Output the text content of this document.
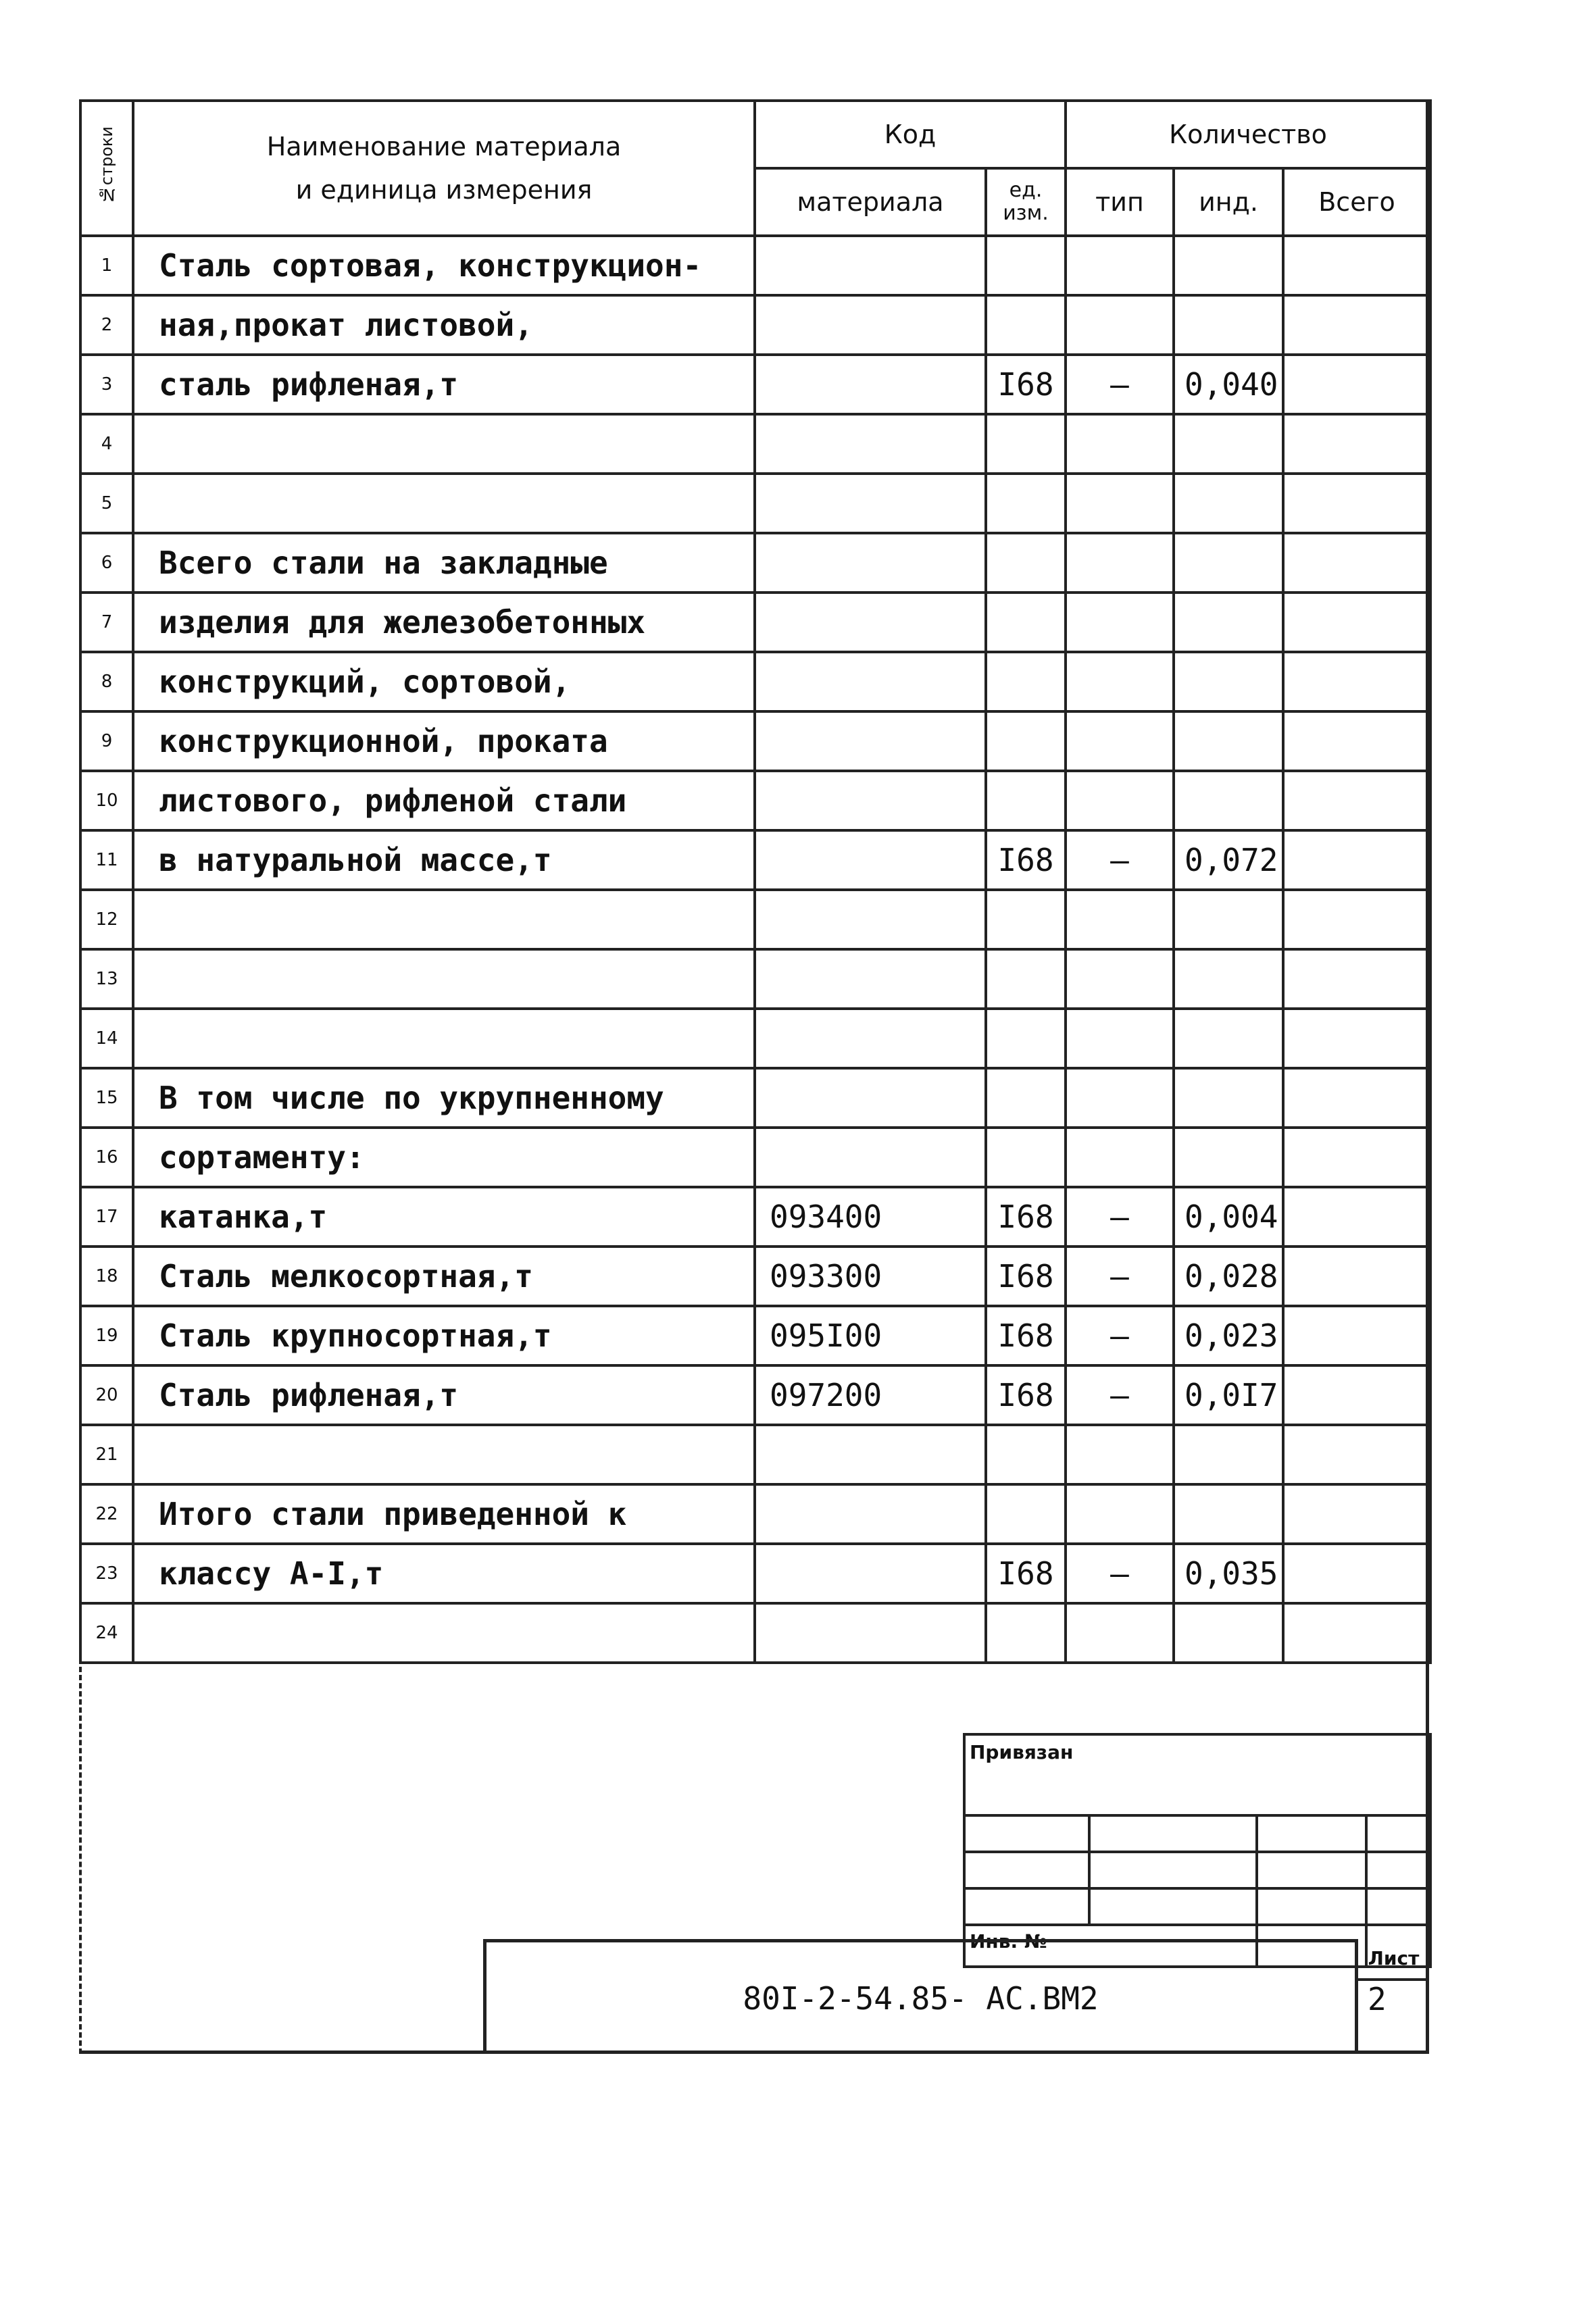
№строки	Наименование материала
и единица измерения	Код		Количество		
		материала	ед. изм.	тип	инд.	Всего
1	Сталь сортовая, конструкцион-					
2	ная,прокат листовой,					
3	сталь рифленая,т		I68	–	0,040	
4						
5						
6	Всего стали на закладные					
7	изделия для железобетонных					
8	конструкций, сортовой,					
9	конструкционной, проката					
10	листового, рифленой стали					
11	в натуральной массе,т		I68	–	0,072	
12						
13						
14						
15	В том числе по укрупненному					
16	сортаменту:					
17	катанка,т	093400	I68	–	0,004	
18	Сталь мелкосортная,т	093300	I68	–	0,028	
19	Сталь крупносортная,т	095I00	I68	–	0,023	
20	Сталь рифленая,т	097200	I68	–	0,0I7	
21						
22	Итого стали приведенной к					
23	классу А-I,т		I68	–	0,035	
24						
Привязан			

Инв. №			
80I-2-54.85- АС.ВМ2
Лист
2
